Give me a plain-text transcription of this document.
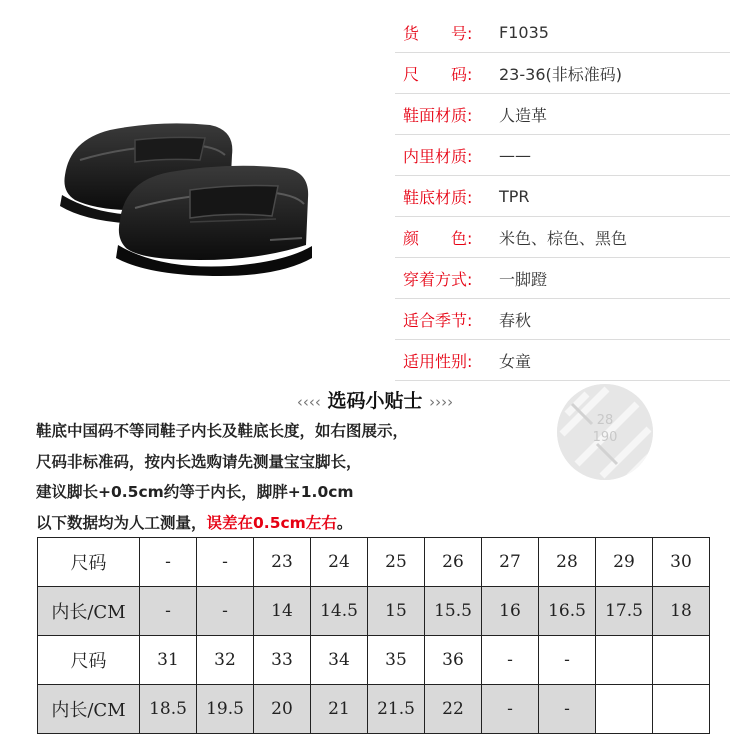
货　　号:	F1035
尺　　码:	23-36(非标准码)
鞋面材质:	人造革
内里材质:	——
鞋底材质:	TPR
颜　　色:	米色、棕色、黑色
穿着方式:	一脚蹬
适合季节:	春秋
适用性别:	女童
‹‹‹‹ 选码小贴士 ››››
鞋底中国码不等同鞋子内长及鞋底长度，如右图展示，
尺码非标准码，按内长选购请先测量宝宝脚长，
建议脚长+0.5cm约等于内长，脚胖+1.0cm
以下数据均为人工测量，误差在0.5cm左右。
28
190
尺码	-	-	23	24	25	26	27	28	29	30
内长/CM	-	-	14	14.5	15	15.5	16	16.5	17.5	18
尺码	31	32	33	34	35	36	-	-		
内长/CM	18.5	19.5	20	21	21.5	22	-	-		
